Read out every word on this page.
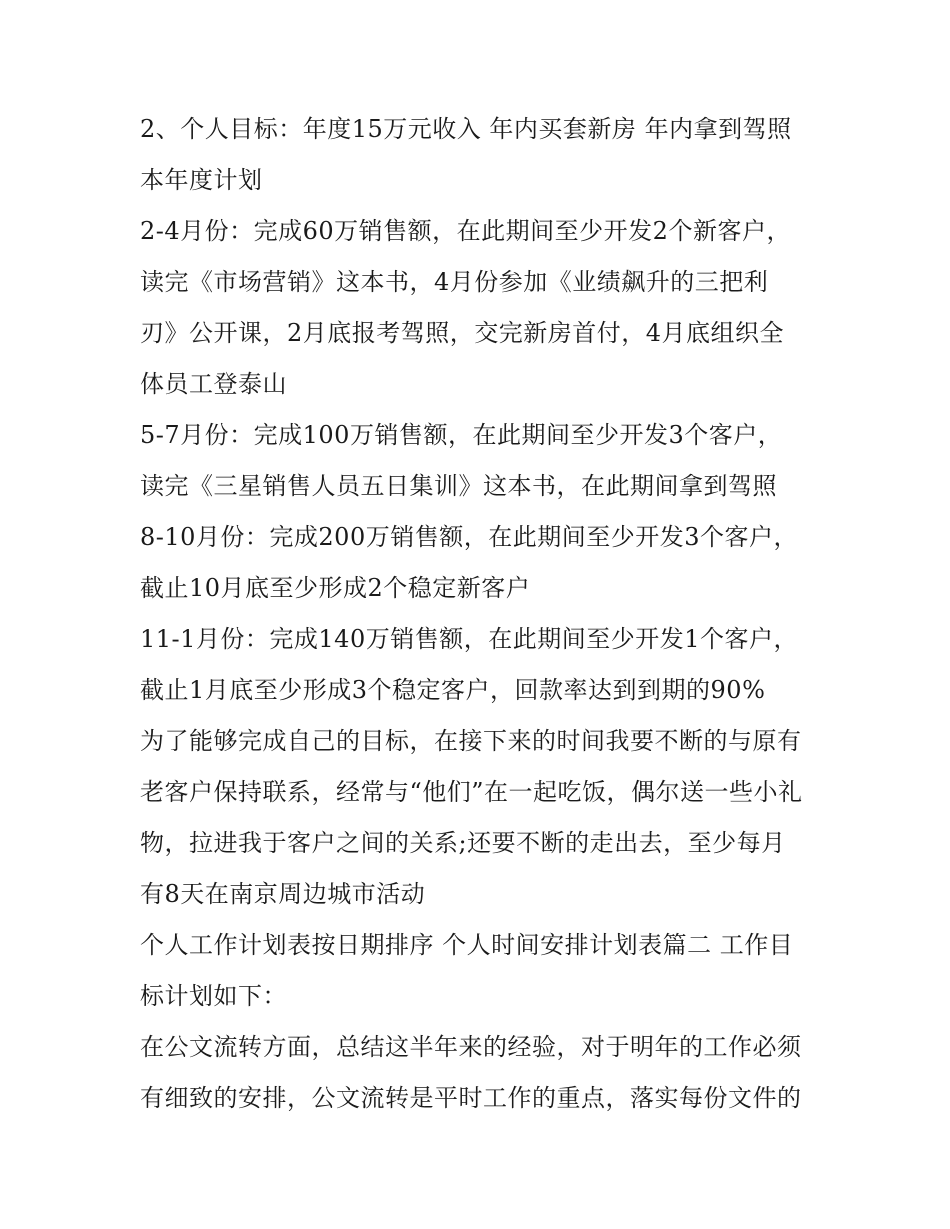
2、个人目标：年度15万元收入 年内买套新房 年内拿到驾照
本年度计划
2-4月份：完成60万销售额，在此期间至少开发2个新客户，
读完《市场营销》这本书，4月份参加《业绩飙升的三把利
刃》公开课，2月底报考驾照，交完新房首付，4月底组织全
体员工登泰山
5-7月份：完成100万销售额，在此期间至少开发3个客户，
读完《三星销售人员五日集训》这本书，在此期间拿到驾照
8-10月份：完成200万销售额，在此期间至少开发3个客户，
截止10月底至少形成2个稳定新客户
11-1月份：完成140万销售额，在此期间至少开发1个客户，
截止1月底至少形成3个稳定客户，回款率达到到期的90%
为了能够完成自己的目标，在接下来的时间我要不断的与原有
老客户保持联系，经常与“他们”在一起吃饭，偶尔送一些小礼
物，拉进我于客户之间的关系;还要不断的走出去，至少每月
有8天在南京周边城市活动
个人工作计划表按日期排序 个人时间安排计划表篇二 工作目
标计划如下：
在公文流转方面，总结这半年来的经验，对于明年的工作必须
有细致的安排，公文流转是平时工作的重点，落实每份文件的
